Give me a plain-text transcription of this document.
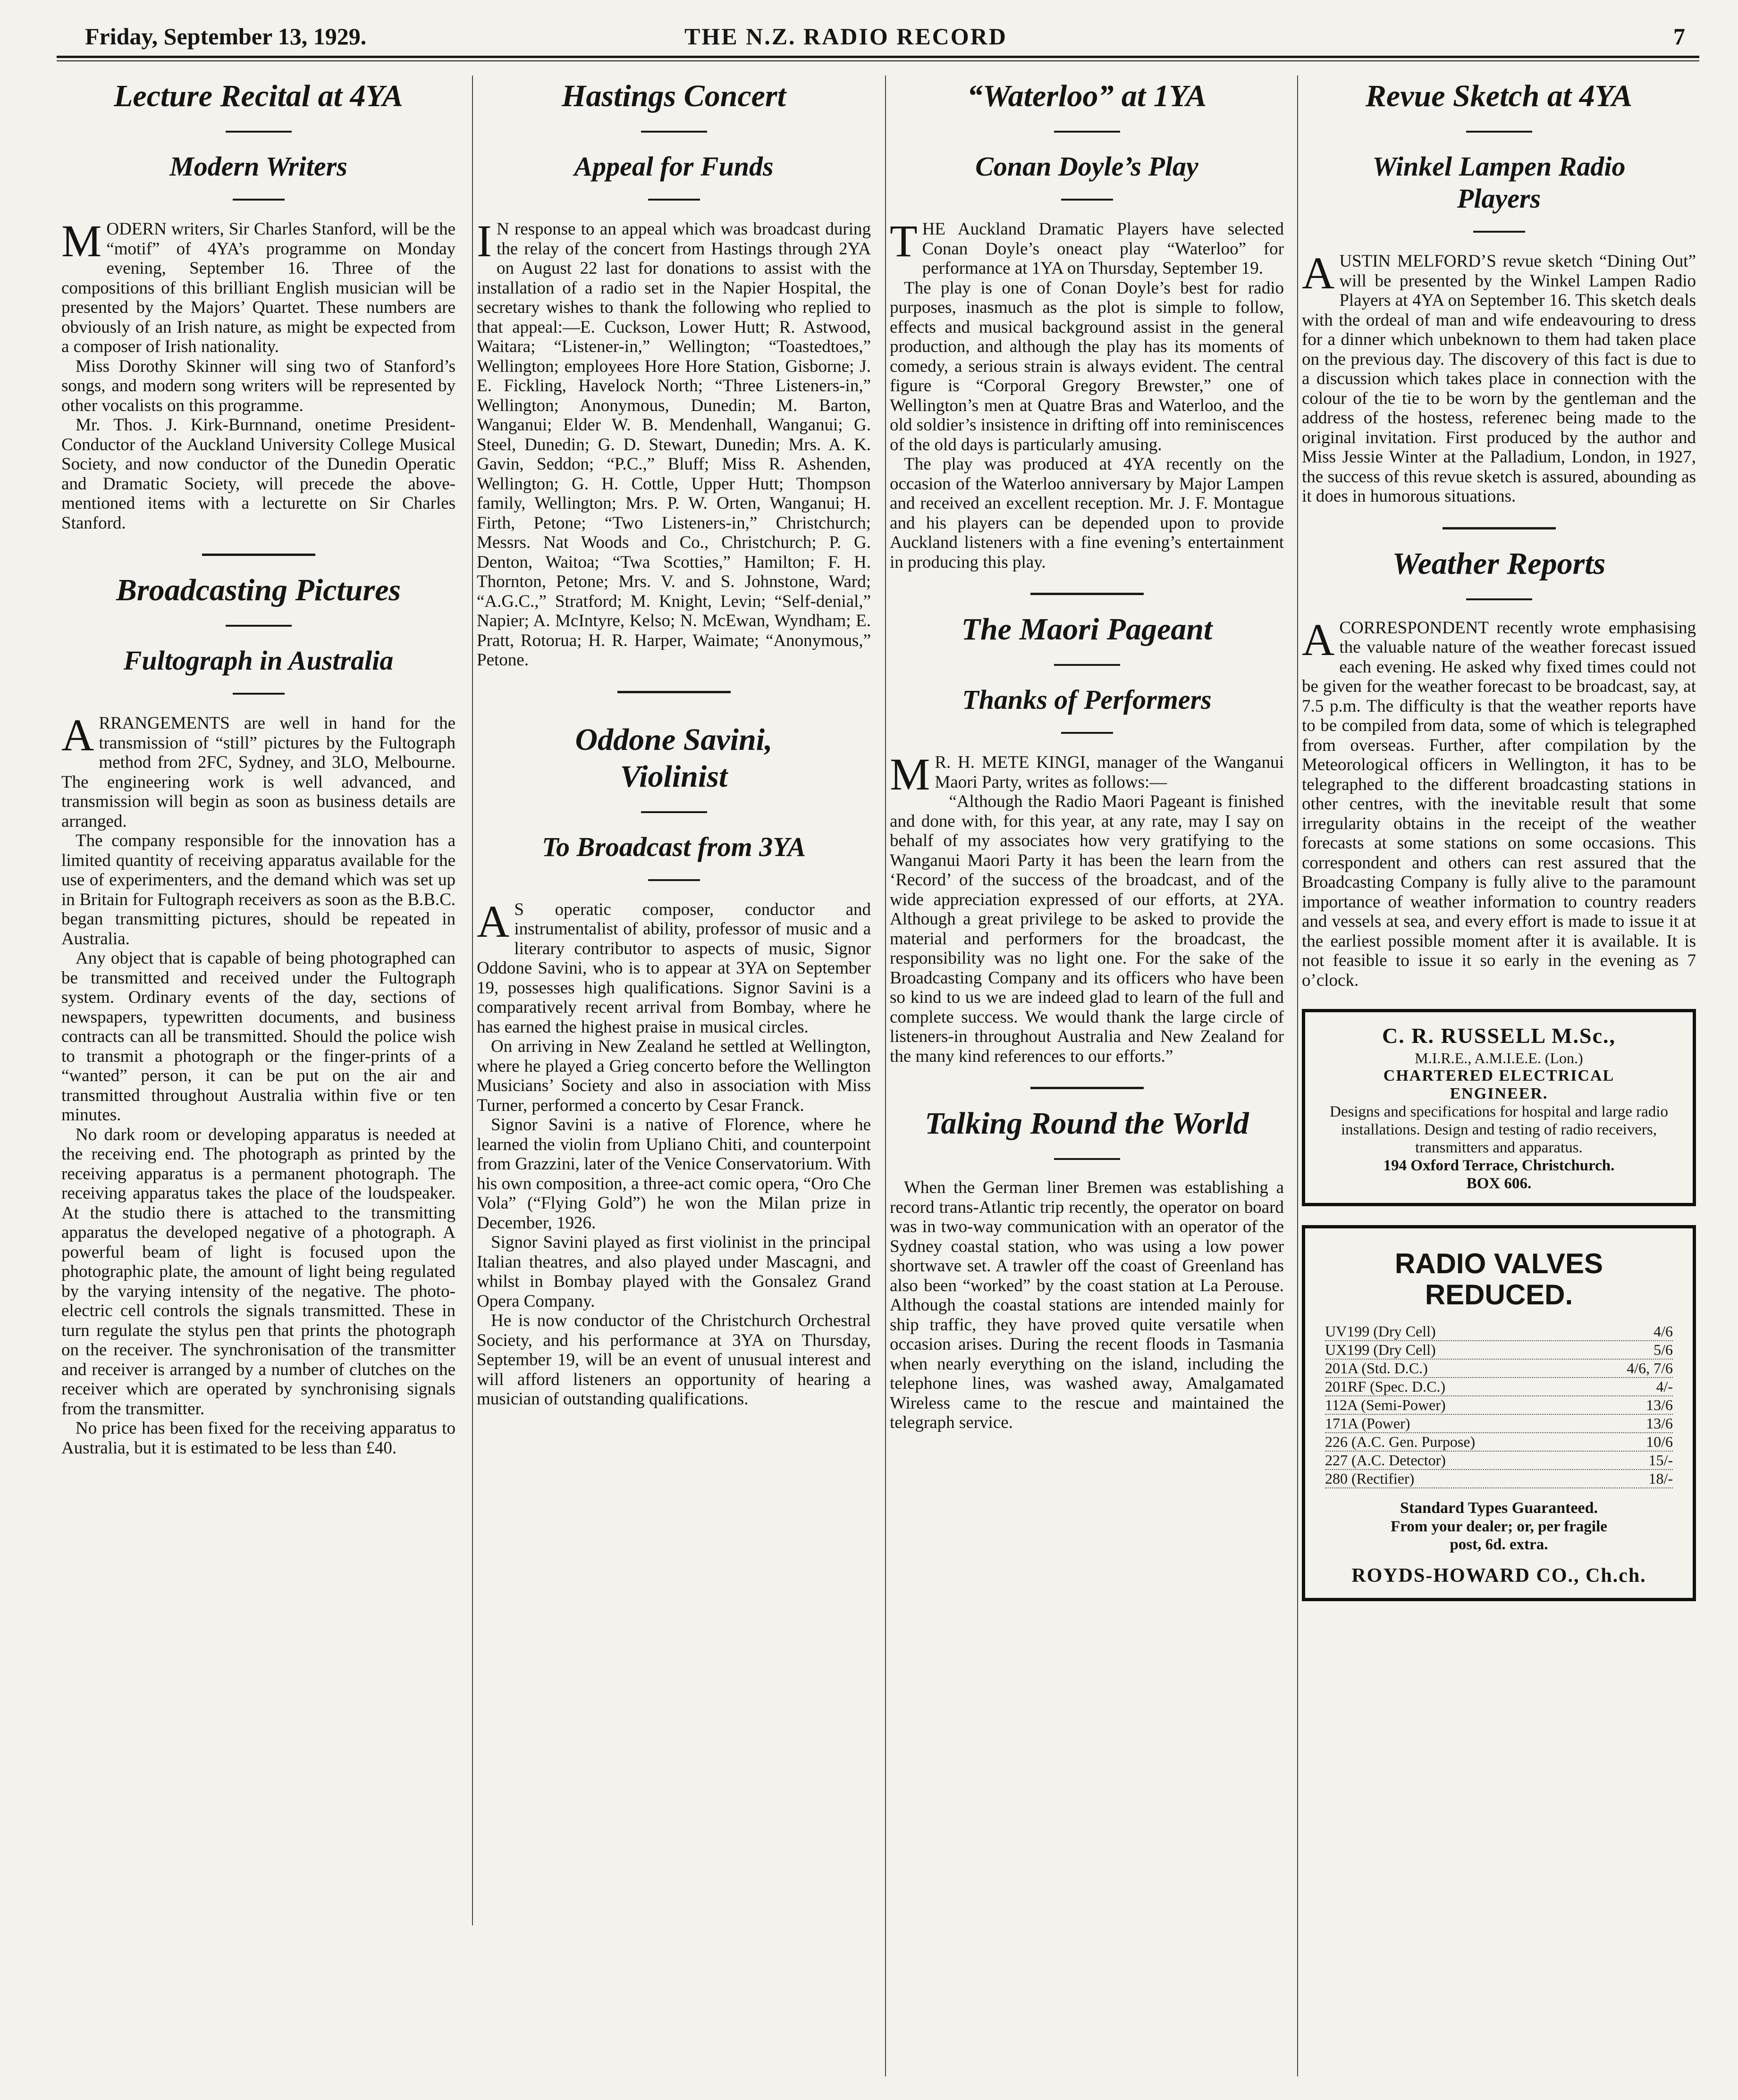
Friday, September 13, 1929.	THE N.Z. RADIO RECORD	7
Lecture Recital at 4YA
Modern Writers

MODERN writers, Sir Charles Stanford, will be the “motif” of 4YA’s programme on Monday evening, September 16. Three of the compositions of this brilliant English musician will be presented by the Majors’ Quartet. These numbers are obviously of an Irish nature, as might be expected from a composer of Irish nationality.

Miss Dorothy Skinner will sing two of Stanford’s songs, and modern song writers will be represented by other vocalists on this programme.

Mr. Thos. J. Kirk-Burnnand, onetime President-Conductor of the Auckland University College Musical Society, and now conductor of the Dunedin Operatic and Dramatic Society, will precede the above-mentioned items with a lecturette on Sir Charles Stanford.

Broadcasting Pictures
Fultograph in Australia

ARRANGEMENTS are well in hand for the transmission of “still” pictures by the Fultograph method from 2FC, Sydney, and 3LO, Melbourne. The engineering work is well advanced, and transmission will begin as soon as business details are arranged.

The company responsible for the innovation has a limited quantity of receiving apparatus available for the use of experimenters, and the demand which was set up in Britain for Fultograph receivers as soon as the B.B.C. began transmitting pictures, should be repeated in Australia.

Any object that is capable of being photographed can be transmitted and received under the Fultograph system. Ordinary events of the day, sections of newspapers, typewritten documents, and business contracts can all be transmitted. Should the police wish to transmit a photograph or the finger-prints of a “wanted” person, it can be put on the air and transmitted throughout Australia within five or ten minutes.

No dark room or developing apparatus is needed at the receiving end. The photograph as printed by the receiving apparatus is a permanent photograph. The receiving apparatus takes the place of the loudspeaker. At the studio there is attached to the transmitting apparatus the developed negative of a photograph. A powerful beam of light is focused upon the photographic plate, the amount of light being regulated by the varying intensity of the negative. The photo-electric cell controls the signals transmitted. These in turn regulate the stylus pen that prints the photograph on the receiver. The synchronisation of the transmitter and receiver is arranged by a number of clutches on the receiver which are operated by synchronising signals from the transmitter.

No price has been fixed for the receiving apparatus to Australia, but it is estimated to be less than £40.

Hastings Concert
Appeal for Funds

I N response to an appeal which was broadcast during the relay of the concert from Hastings through 2YA on August 22 last for donations to assist with the installation of a radio set in the Napier Hospital, the secretary wishes to thank the following who replied to that appeal:—E. Cuckson, Lower Hutt; R. Astwood, Waitara; “Listener-in,” Wellington; “Toastedtoes,” Wellington; employees Hore Hore Station, Gisborne; J. E. Fickling, Havelock North; “Three Listeners-in,” Wellington; Anonymous, Dunedin; M. Barton, Wanganui; Elder W. B. Mendenhall, Wanganui; G. Steel, Dunedin; G. D. Stewart, Dunedin; Mrs. A. K. Gavin, Seddon; “P.C.,” Bluff; Miss R. Ashenden, Wellington; G. H. Cottle, Upper Hutt; Thompson family, Wellington; Mrs. P. W. Orten, Wanganui; H. Firth, Petone; “Two Listeners-in,” Christchurch; Messrs. Nat Woods and Co., Christchurch; P. G. Denton, Waitoa; “Twa Scotties,” Hamilton; F. H. Thornton, Petone; Mrs. V. and S. Johnstone, Ward; “A.G.C.,” Stratford; M. Knight, Levin; “Self-denial,” Napier; A. McIntyre, Kelso; N. McEwan, Wyndham; E. Pratt, Rotorua; H. R. Harper, Waimate; “Anonymous,” Petone.

Oddone Savini,
Violinist
To Broadcast from 3YA

A S operatic composer, conductor and instrumentalist of ability, professor of music and a literary contributor to aspects of music, Signor Oddone Savini, who is to appear at 3YA on September 19, possesses high qualifications. Signor Savini is a comparatively recent arrival from Bombay, where he has earned the highest praise in musical circles.

On arriving in New Zealand he settled at Wellington, where he played a Grieg concerto before the Wellington Musicians’ Society and also in association with Miss Turner, performed a concerto by Cesar Franck.

Signor Savini is a native of Florence, where he learned the violin from Upliano Chiti, and counterpoint from Grazzini, later of the Venice Conservatorium. With his own composition, a three-act comic opera, “Oro Che Vola” (“Flying Gold”) he won the Milan prize in December, 1926.

Signor Savini played as first violinist in the principal Italian theatres, and also played under Mascagni, and whilst in Bombay played with the Gonsalez Grand Opera Company.

He is now conductor of the Christchurch Orchestral Society, and his performance at 3YA on Thursday, September 19, will be an event of unusual interest and will afford listeners an opportunity of hearing a musician of outstanding qualifications.

“Waterloo” at 1YA
Conan Doyle’s Play

THE Auckland Dramatic Players have selected Conan Doyle’s oneact play “Waterloo” for performance at 1YA on Thursday, September 19.

The play is one of Conan Doyle’s best for radio purposes, inasmuch as the plot is simple to follow, effects and musical background assist in the general production, and although the play has its moments of comedy, a serious strain is always evident. The central figure is “Corporal Gregory Brewster,” one of Wellington’s men at Quatre Bras and Waterloo, and the old soldier’s insistence in drifting off into reminiscences of the old days is particularly amusing.

The play was produced at 4YA recently on the occasion of the Waterloo anniversary by Major Lampen and received an excellent reception. Mr. J. F. Montague and his players can be depended upon to provide Auckland listeners with a fine evening’s entertainment in producing this play.

The Maori Pageant
Thanks of Performers

M R. H. METE KINGI, manager of the Wanganui Maori Party, writes as follows:—

“Although the Radio Maori Pageant is finished and done with, for this year, at any rate, may I say on behalf of my associates how very gratifying to the Wanganui Maori Party it has been the learn from the ‘Record’ of the success of the broadcast, and of the wide appreciation expressed of our efforts, at 2YA. Although a great privilege to be asked to provide the material and performers for the broadcast, the responsibility was no light one. For the sake of the Broadcasting Company and its officers who have been so kind to us we are indeed glad to learn of the full and complete success. We would thank the large circle of listeners-in throughout Australia and New Zealand for the many kind references to our efforts.”

Talking Round the World

When the German liner Bremen was establishing a record trans-Atlantic trip recently, the operator on board was in two-way communication with an operator of the Sydney coastal station, who was using a low power shortwave set. A trawler off the coast of Greenland has also been “worked” by the coast station at La Perouse. Although the coastal stations are intended mainly for ship traffic, they have proved quite versatile when occasion arises. During the recent floods in Tasmania when nearly everything on the island, including the telephone lines, was washed away, Amalgamated Wireless came to the rescue and maintained the telegraph service.

Revue Sketch at 4YA
Winkel Lampen Radio
Players

AUSTIN MELFORD’S revue sketch “Dining Out” will be presented by the Winkel Lampen Radio Players at 4YA on September 16. This sketch deals with the ordeal of man and wife endeavouring to dress for a dinner which unbeknown to them had taken place on the previous day. The discovery of this fact is due to a discussion which takes place in connection with the colour of the tie to be worn by the gentleman and the address of the hostess, referenec being made to the original invitation. First produced by the author and Miss Jessie Winter at the Palladium, London, in 1927, the success of this revue sketch is assured, abounding as it does in humorous situations.

Weather Reports

ACORRESPONDENT recently wrote emphasising the valuable nature of the weather forecast issued each evening. He asked why fixed times could not be given for the weather forecast to be broadcast, say, at 7.5 p.m. The difficulty is that the weather reports have to be compiled from data, some of which is telegraphed from overseas. Further, after compilation by the Meteorological officers in Wellington, it has to be telegraphed to the different broadcasting stations in other centres, with the inevitable result that some irregularity obtains in the receipt of the weather forecasts at some stations on some occasions. This correspondent and others can rest assured that the Broadcasting Company is fully alive to the paramount importance of weather information to country readers and vessels at sea, and every effort is made to issue it at the earliest possible moment after it is available. It is not feasible to issue it so early in the evening as 7 o’clock.

C. R. RUSSELL M.Sc.,
M.I.R.E., A.M.I.E.E. (Lon.)
CHARTERED ELECTRICAL
ENGINEER.
Designs and specifications for hospital and large radio installations. Design and testing of radio receivers, transmitters and apparatus.
194 Oxford Terrace, Christchurch.
BOX 606.
RADIO VALVES
REDUCED.
UV199 (Dry Cell)	4/6
UX199 (Dry Cell)	5/6
201A (Std. D.C.)	4/6, 7/6
201RF (Spec. D.C.)	4/-
112A (Semi-Power)	13/6
171A (Power)	13/6
226 (A.C. Gen. Purpose)	10/6
227 (A.C. Detector)	15/-
280 (Rectifier)	18/-
Standard Types Guaranteed.
From your dealer; or, per fragile
post, 6d. extra.
ROYDS-HOWARD CO., Ch.ch.
